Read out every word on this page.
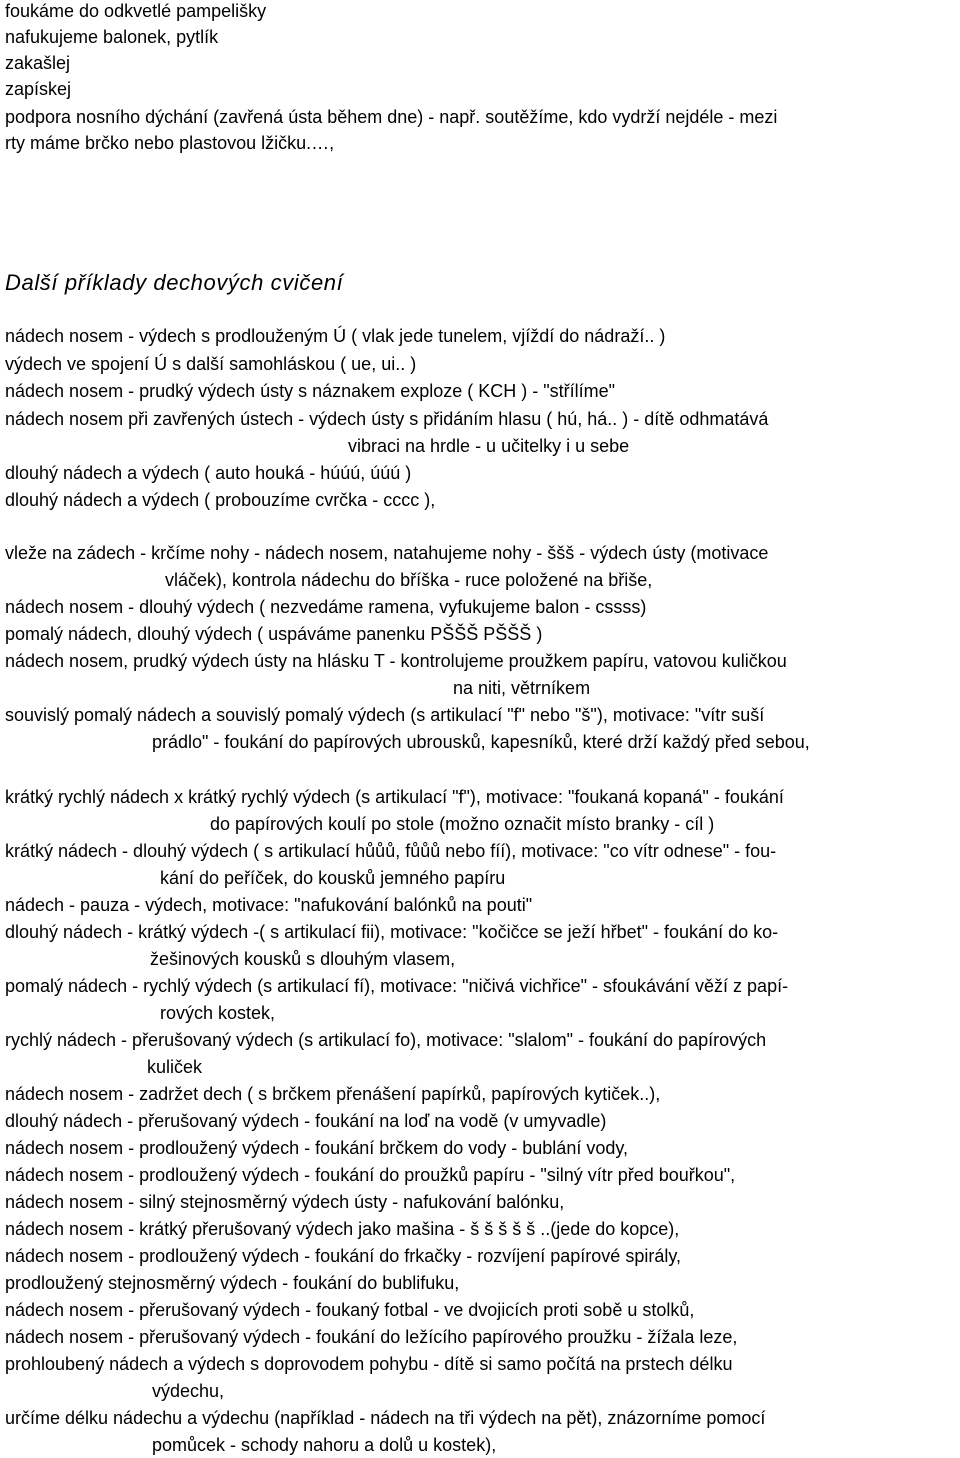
foukáme do odkvetlé pampelišky

nafukujeme balonek, pytlík

zakašlej

zapískej

podpora nosního dýchání (zavřená ústa během dne) - např. soutěžíme, kdo vydrží nejdéle - mezi

rty máme brčko nebo plastovou lžičku.…,

Další příklady dechových cvičení

nádech nosem - výdech s prodlouženým Ú ( vlak jede tunelem, vjíždí do nádraží.. )

výdech ve spojení Ú s další samohláskou ( ue, ui.. )

nádech nosem - prudký výdech ústy s náznakem exploze ( KCH ) - "střílíme"

nádech nosem při zavřených ústech - výdech ústy s přidáním hlasu ( hú, há.. ) - dítě odhmatává

vibraci na hrdle - u učitelky i u sebe

dlouhý nádech a výdech ( auto houká - húúú, úúú )

dlouhý nádech a výdech ( probouzíme cvrčka - cccc ),

vleže na zádech - krčíme nohy - nádech nosem, natahujeme nohy - ššš - výdech ústy (motivace

vláček), kontrola nádechu do bříška - ruce položené na břiše,

nádech nosem - dlouhý výdech ( nezvedáme ramena, vyfukujeme balon - cssss)

pomalý nádech, dlouhý výdech ( uspáváme panenku PŠŠŠ PŠŠŠ )

nádech nosem, prudký výdech ústy na hlásku T - kontrolujeme proužkem papíru, vatovou kuličkou

na niti, větrníkem

souvislý pomalý nádech a souvislý pomalý výdech (s artikulací "f" nebo "š"), motivace: "vítr suší

prádlo" - foukání do papírových ubrousků, kapesníků, které drží každý před sebou,

krátký rychlý nádech x krátký rychlý výdech (s artikulací "f"), motivace: "foukaná kopaná" - foukání

do papírových koulí po stole (možno označit místo branky - cíl )

krátký nádech - dlouhý výdech ( s artikulací hůůů, fůůů nebo fíí), motivace: "co vítr odnese" - fou-

kání do peříček, do kousků jemného papíru

nádech - pauza - výdech, motivace: "nafukování balónků na pouti"

dlouhý nádech - krátký výdech -( s artikulací fii), motivace: "kočičce se ježí hřbet" - foukání do ko-

žešinových kousků s dlouhým vlasem,

pomalý nádech - rychlý výdech (s artikulací fí), motivace: "ničivá vichřice" - sfoukávání věží z papí-

rových kostek,

rychlý nádech - přerušovaný výdech (s artikulací fo), motivace: "slalom" - foukání do papírových

kuliček

nádech nosem - zadržet dech ( s brčkem přenášení papírků, papírových kytiček..),

dlouhý nádech - přerušovaný výdech - foukání na loď na vodě (v umyvadle)

nádech nosem - prodloužený výdech - foukání brčkem do vody - bublání vody,

nádech nosem - prodloužený výdech - foukání do proužků papíru - "silný vítr před bouřkou",

nádech nosem - silný stejnosměrný výdech ústy - nafukování balónku,

nádech nosem - krátký přerušovaný výdech jako mašina - š š š š š ..(jede do kopce),

nádech nosem - prodloužený výdech - foukání do frkačky - rozvíjení papírové spirály,

prodloužený stejnosměrný výdech - foukání do bublifuku,

nádech nosem - přerušovaný výdech - foukaný fotbal - ve dvojicích proti sobě u stolků,

nádech nosem - přerušovaný výdech - foukání do ležícího papírového proužku - žížala leze,

prohloubený nádech a výdech s doprovodem pohybu - dítě si samo počítá na prstech délku

výdechu,

určíme délku nádechu a výdechu (například - nádech na tři výdech na pět), znázorníme pomocí

pomůcek - schody nahoru a dolů u kostek),
